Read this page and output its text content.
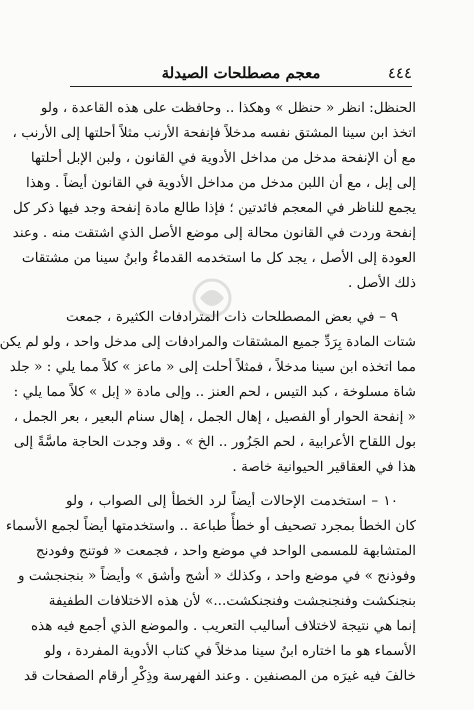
٤٤٤
معجم مصطلحات الصيدلة
الحنظل: انظر « حنظل » وهكذا .. وحافظت على هذه القاعدة ، ولو
اتخذ ابن سينا المشتق نفسه مدخلاً فإنفحة الأرنب مثلاً أحلتها إلى الأرنب ،
مع أن الإنفحة مدخل من مداخل الأدوية في القانون ، ولبن الإبل أحلتها
إلى إبل ، مع أن اللبن مدخل من مداخل الأدوية في القانون أيضاً . وهذا
يجمع للناظر في المعجم فائدتين ؛ فإذا طالع مادة إنفحة وجد فيها ذكر كل
إنفحة وردت في القانون محالة إلى موضع الأصل الذي اشتقت منه . وعند
العودة إلى الأصل ، يجد كل ما استخدمه القدماءُ وابنُ سينا من مشتقات
ذلك الأصل .
٩ – في بعض المصطلحات ذات المترادفات الكثيرة ، جمعت
شتات المادة بِرَدِّ جميع المشتقات والمرادفات إلى مدخل واحد ، ولو لم يكن
مما اتخذه ابن سينا مدخلاً ، فمثلاً أحلت إلى « ماعز » كلاً مما يلي : « جلد
شاة مسلوخة ، كبد التيس ، لحم العنز .. وإلى مادة « إبل » كلاً مما يلي :
« إنفحة الحوار أو الفصيل ، إهال الجمل ، إهال سنام البعير ، بعر الجمل ،
بول اللقاح الأعرابية ، لحم الجَزُور .. الخ » . وقد وجدت الحاجة ماسَّةً إلى
هذا في العقاقير الحيوانية خاصة .
١٠ – استخدمت الإحالات أيضاً لرد الخطأ إلى الصواب ، ولو
كان الخطأ بمجرد تصحيف أو خطأً طباعة .. واستخدمتها أيضاً لجمع الأسماء
المتشابهة للمسمى الواحد في موضع واحد ، فجمعت « فوتنج وفودنج
وفوذنج » في موضع واحد ، وكذلك « أشج وأشق » وأيضاً « بنجنجشت و
بنجنكشت وفنجنجشت وفنجنكشت...» لأن هذه الاختلافات الطفيفة
إنما هي نتيجة لاختلاف أساليب التعريب . والموضع الذي أجمع فيه هذه
الأسماء هو ما اختاره ابنُ سينا مدخلاً في كتاب الأدوية المفردة ، ولو
خالفَ فيه غيرَه من المصنفين . وعند الفهرسة وذِكْرِ أرقام الصفحات قد
